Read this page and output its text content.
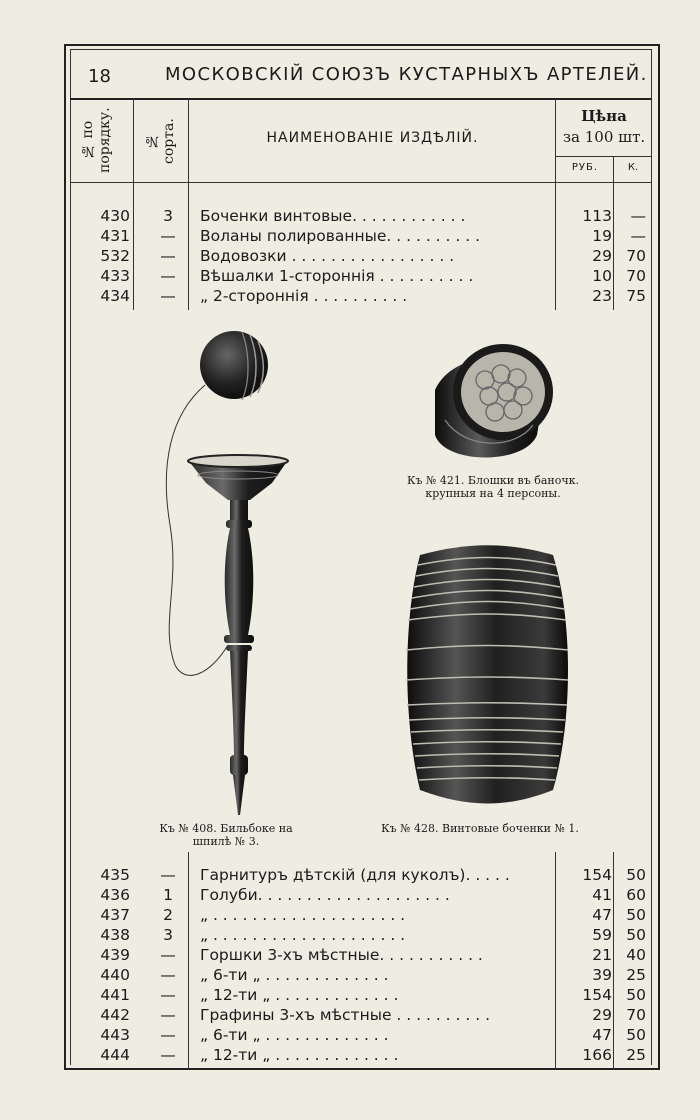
18	МОСКОВСКІЙ СОЮЗЪ КУСТАРНЫХЪ АРТЕЛЕЙ.
№ по
порядку.	№
сорта.	НАИМЕНОВАНІЕ ИЗДѢЛІЙ.
Цѣна
за 100 шт.
РУБ.	К.
430	3	Боченки винтовые. . . . . . . . . . . .	113	—
431	—	Воланы полированные. . . . . . . . . .	19	—
532	—	Водовозки . . . . . . . . . . . . . . . . .	29 70
433	—	Вѣшалки 1-стороннія . . . . . . . . . .	10 70
434	—	„ 2-стороннія . . . . . . . . . .	23 75
Къ № 421. Блошки въ баночк.
крупныя на 4 персоны.
Къ № 408. Бильбоке на
шпилѣ № 3.
Къ № 428. Винтовые боченки № 1.
435	—	Гарнитуръ дѣтскій (для куколъ). . . . .	154 50
436	1	Голуби. . . . . . . . . . . . . . . . . . . .	41 60
437	2	„ . . . . . . . . . . . . . . . . . . . .	47 50
438	3	„ . . . . . . . . . . . . . . . . . . . .	59 50
439	—	Горшки 3-хъ мѣстные. . . . . . . . . . .	21 40
440	—	„ 6-ти „ . . . . . . . . . . . . .	39 25
441	—	„ 12-ти „ . . . . . . . . . . . . .	154 50
442	—	Графины 3-хъ мѣстные . . . . . . . . . .	29 70
443	—	„ 6-ти „ . . . . . . . . . . . . .	47 50
444	—	„ 12-ти „ . . . . . . . . . . . . .	166 25
